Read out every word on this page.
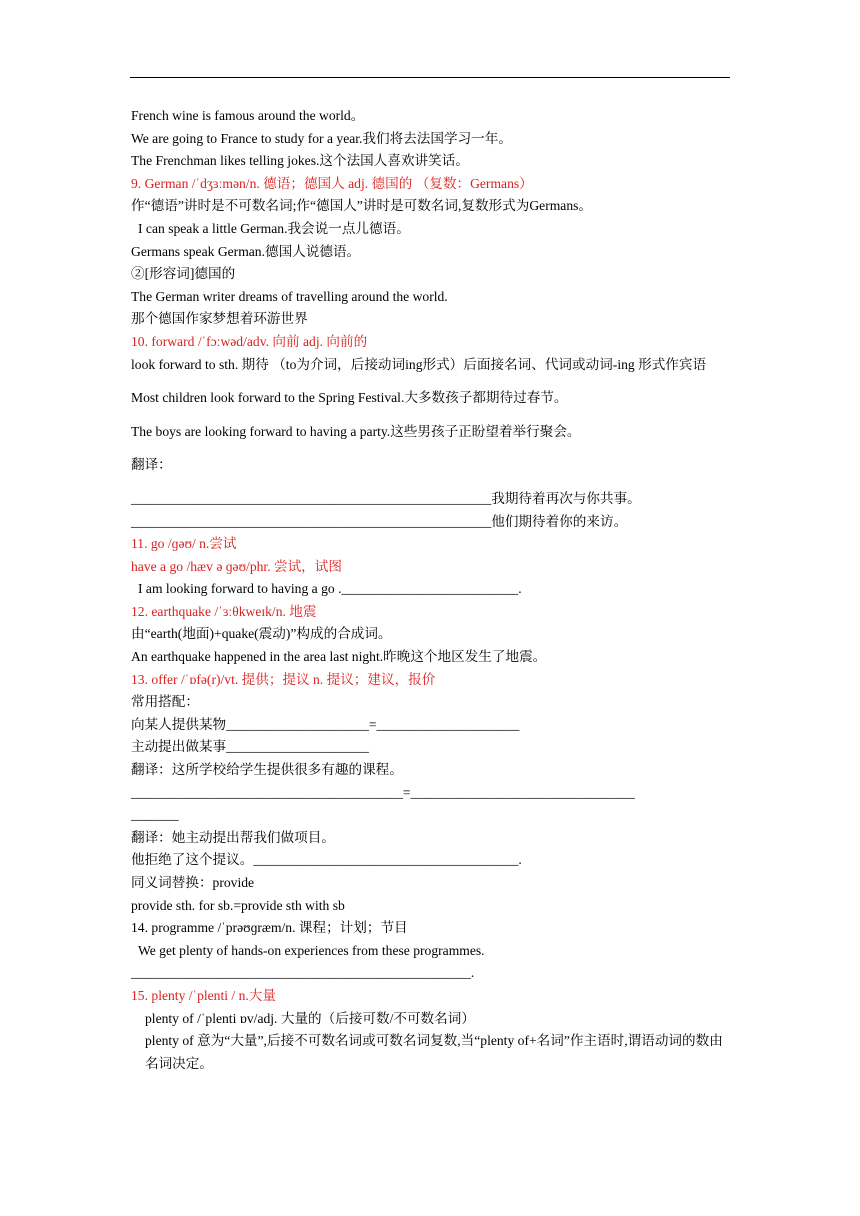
French wine is famous around the world。

We are going to France to study for a year.我们将去法国学习一年。

The Frenchman likes telling jokes.这个法国人喜欢讲笑话。

9. German /ˈdʒɜːmən/n. 德语；德国人 adj. 德国的 （复数：Germans）

作“德语”讲时是不可数名词;作“德国人”讲时是可数名词,复数形式为Germans。

I can speak a little German.我会说一点儿德语。

Germans speak German.德国人说德语。

②[形容词]德国的

The German writer dreams of travelling around the world.

那个德国作家梦想着环游世界

10. forward /ˈfɔːwəd/adv. 向前 adj. 向前的

look forward to sth. 期待 （to为介词，后接动词ing形式）后面接名词、代词或动词-ing 形式作宾语

Most children look forward to the Spring Festival.大多数孩子都期待过春节。

The boys are looking forward to having a party.这些男孩子正盼望着举行聚会。

翻译：

_____________________________________________________我期待着再次与你共事。

_____________________________________________________他们期待着你的来访。

11. go /ɡəʊ/ n.尝试

have a go /hæv ə ɡəʊ/phr. 尝试，试图

I am looking forward to having a go .__________________________.

12. earthquake /ˈɜːθkweɪk/n. 地震

由“earth(地面)+quake(震动)”构成的合成词。

An earthquake happened in the area last night.昨晚这个地区发生了地震。

13. offer /ˈɒfə(r)/vt. 提供；提议 n. 提议；建议，报价

常用搭配：

向某人提供某物_____________________=_____________________

主动提出做某事_____________________

翻译：这所学校给学生提供很多有趣的课程。

________________________________________=_________________________________

_______

翻译：她主动提出帮我们做项目。

他拒绝了这个提议。_______________________________________.

同义词替换：provide

provide sth. for sb.=provide sth with sb

14. programme /ˈprəʊɡræm/n. 课程；计划；节目

We get plenty of hands-on experiences from these programmes.

__________________________________________________.

15. plenty /ˈplenti / n.大量

plenty of /ˈplenti ɒv/adj. 大量的（后接可数/不可数名词）

plenty of 意为“大量”,后接不可数名词或可数名词复数,当“plenty of+名词”作主语时,谓语动词的数由名词决定。
